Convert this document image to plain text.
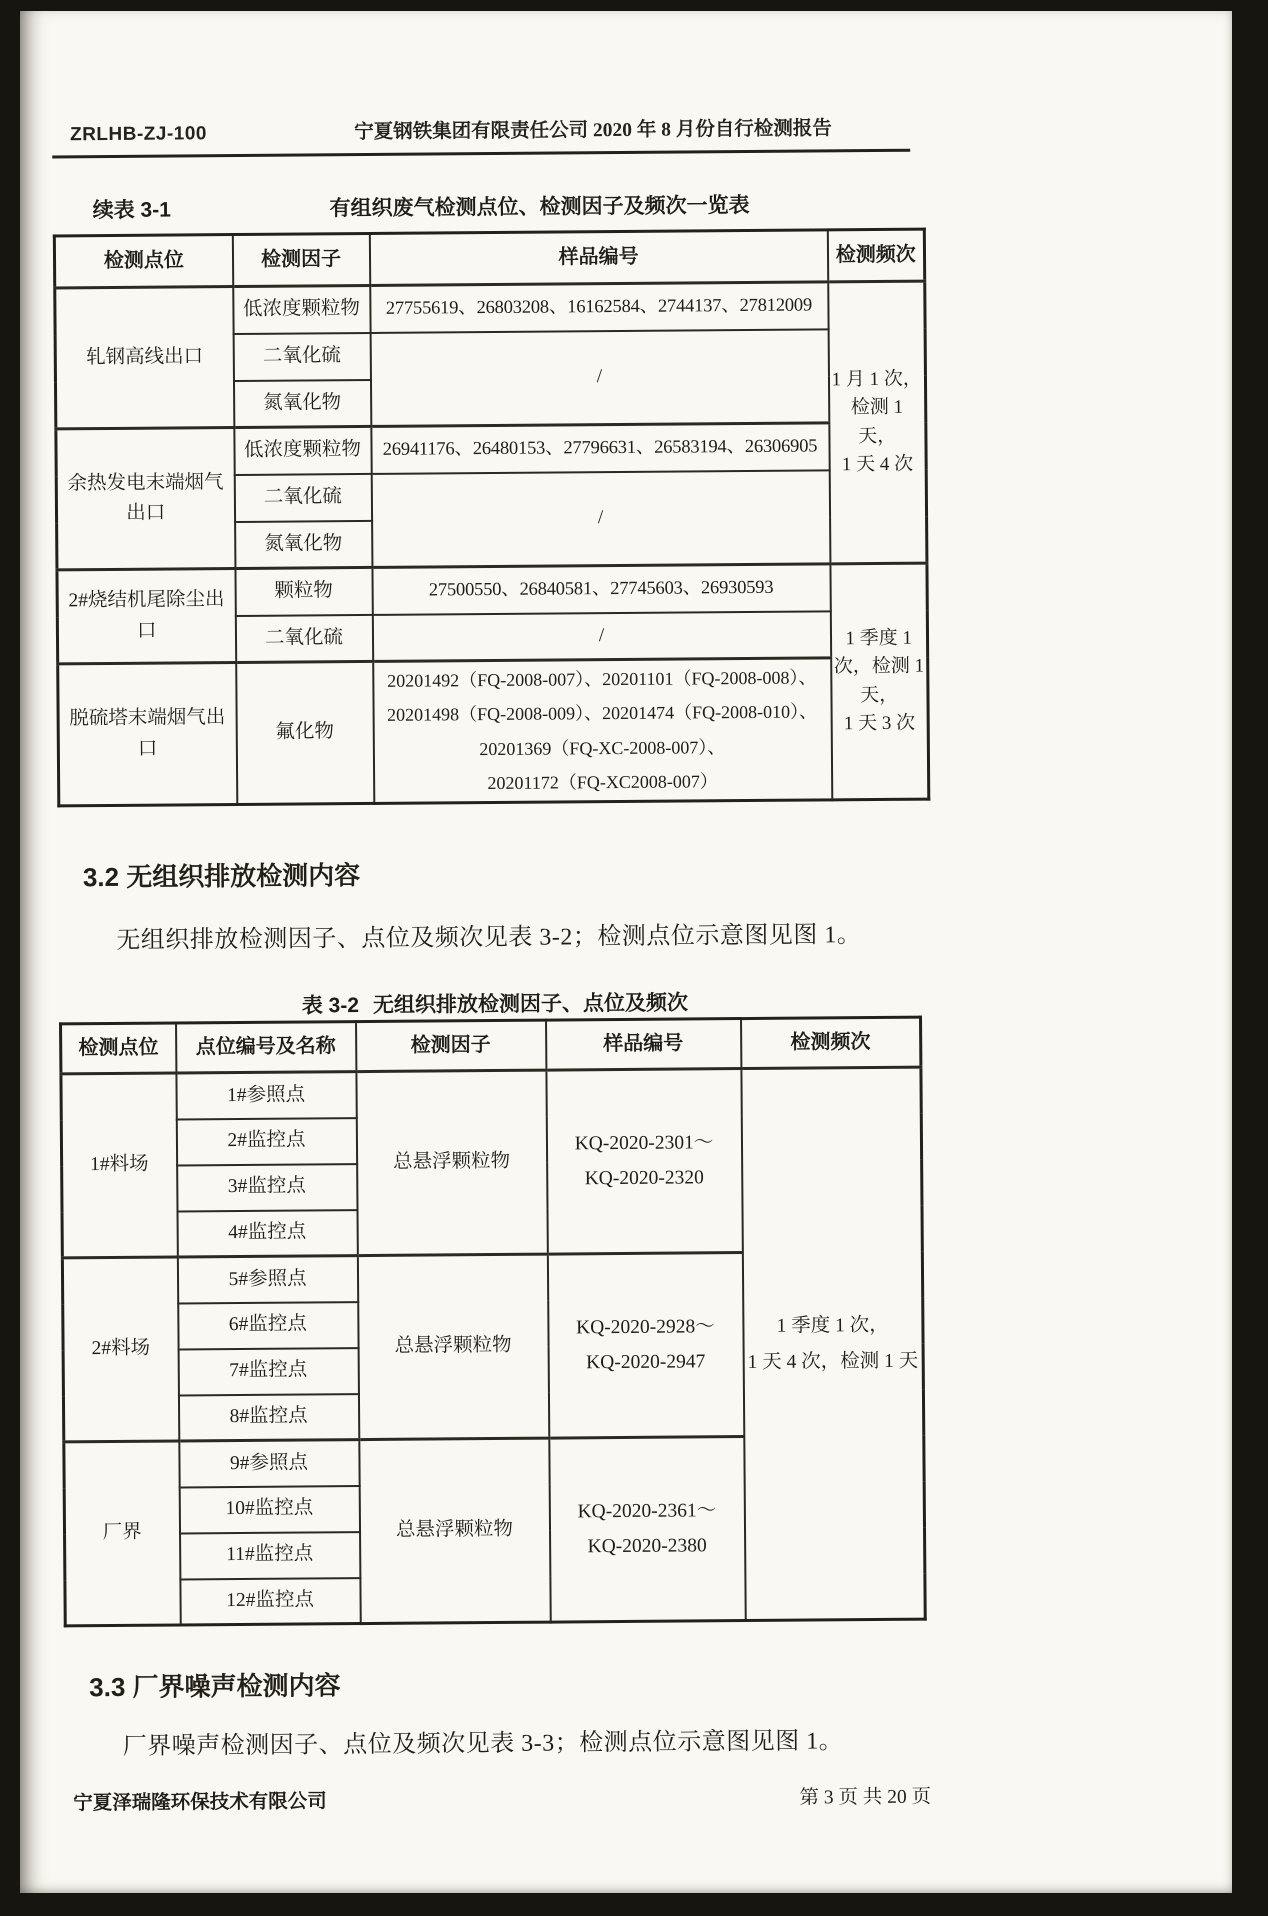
ZRLHB-ZJ-100	宁夏钢铁集团有限责任公司 2020 年 8 月份自行检测报告
续表 3-1	有组织废气检测点位、检测因子及频次一览表
检测点位	检测因子	样品编号	检测频次
轧钢高线出口	低浓度颗粒物	27755619、26803208、16162584、2744137、27812009	1 月 1 次，
检测 1 天，
1 天 4 次
	二氧化硫	/	
	氮氧化物		
余热发电末端烟气出口	低浓度颗粒物	26941176、26480153、27796631、26583194、26306905	
	二氧化硫	/	
	氮氧化物		
2#烧结机尾除尘出口	颗粒物	27500550、26840581、27745603、26930593	1 季度 1
次，检测 1
天，
1 天 3 次
	二氧化硫	/	
脱硫塔末端烟气出口	氟化物	20201492（FQ-2008-007）、20201101（FQ-2008-008）、
20201498（FQ-2008-009）、20201474（FQ-2008-010）、
20201369（FQ-XC-2008-007）、
20201172（FQ-XC2008-007）	
3.2 无组织排放检测内容
无组织排放检测因子、点位及频次见表 3-2；检测点位示意图见图 1。
表 3-2 无组织排放检测因子、点位及频次
检测点位	点位编号及名称	检测因子	样品编号	检测频次
1#料场	1#参照点	总悬浮颗粒物	KQ-2020-2301～
KQ-2020-2320	1 季度 1 次，
1 天 4 次，检测 1 天
	2#监控点			
	3#监控点			
	4#监控点			
2#料场	5#参照点	总悬浮颗粒物	KQ-2020-2928～
KQ-2020-2947	
	6#监控点			
	7#监控点			
	8#监控点			
厂界	9#参照点	总悬浮颗粒物	KQ-2020-2361～
KQ-2020-2380	
	10#监控点			
	11#监控点			
	12#监控点			
3.3 厂界噪声检测内容
厂界噪声检测因子、点位及频次见表 3-3；检测点位示意图见图 1。
宁夏泽瑞隆环保技术有限公司	第 3 页 共 20 页
